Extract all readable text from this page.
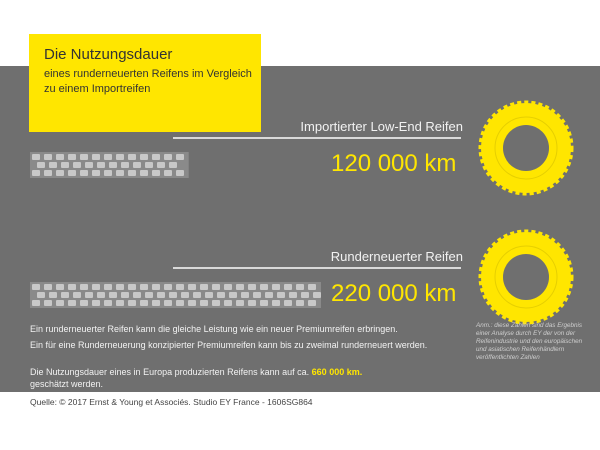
Die Nutzungsdauer
eines runderneuerten Reifens im Vergleich zu einem Importreifen
Importierter Low-End Reifen
120 000 km
Runderneuerter Reifen
220 000 km
Ein runderneuerter Reifen kann die gleiche Leistung wie ein neuer Premiumreifen erbringen.
Ein für eine Runderneuerung konzipierter Premiumreifen kann bis zu zweimal runderneuert werden.
Die Nutzungsdauer eines in Europa produzierten Reifens kann auf ca. 660 000 km.
geschätzt werden.
Anm.: diese Zahlen sind das Ergebnis einer Analyse durch EY der von der Reifenindustrie und den europäischen und asiatischen Reifenhändlern veröffentlichten Zahlen
Quelle: © 2017 Ernst & Young et Associés. Studio EY France - 1606SG864
